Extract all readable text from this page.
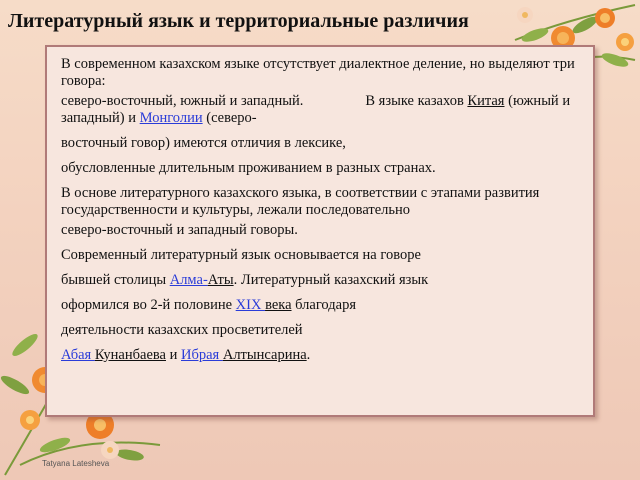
Литературный язык и территориальные различия

В современном казахском языке отсутствует диалектное деление, но выделяют три говора:

северо-восточный, южный и западный.	В языке казахов Китая (южный и западный) и Монголии (северо-

восточный говор) имеются отличия в лексике,

обусловленные длительным проживанием в разных странах.

В основе литературного казахского языка, в соответствии с этапами развития государственности и культуры, лежали последовательно

северо-восточный и западный говоры.

Современный литературный язык основывается на говоре

бывшей столицы Алма-Аты. Литературный казахский язык

оформился во 2-й половине XIX века благодаря

деятельности казахских просветителей

Абая Кунанбаева и Ибрая Алтынсарина.

Tatyana Latesheva
